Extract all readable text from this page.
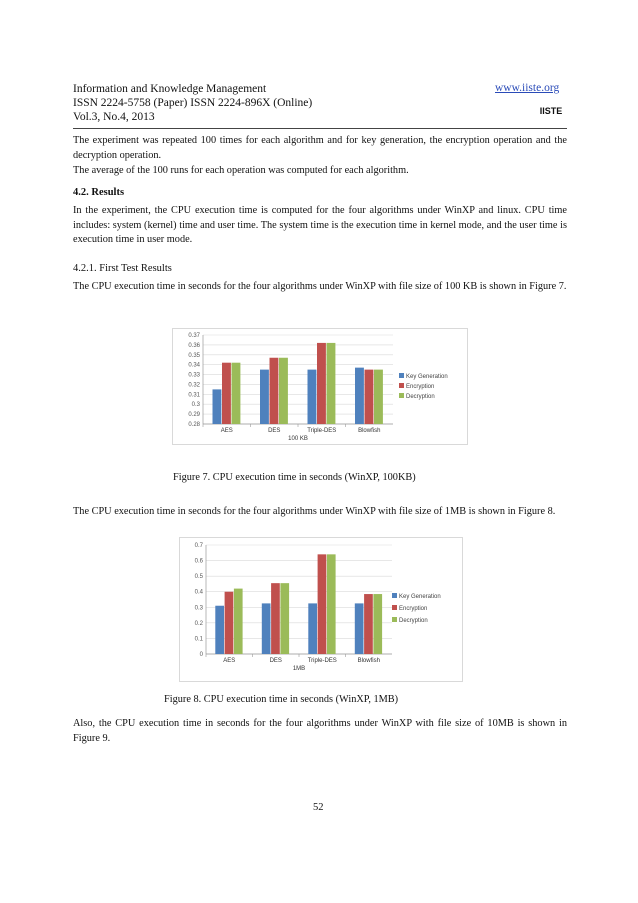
Information and Knowledge Management
ISSN 2224-5758 (Paper) ISSN 2224-896X (Online)
Vol.3, No.4, 2013
www.iiste.org
IISTE
The experiment was repeated 100 times for each algorithm and for key generation, the encryption operation and the decryption operation.
The average of the 100 runs for each operation was computed for each algorithm.
4.2. Results
In the experiment, the CPU execution time is computed for the four algorithms under WinXP and linux. CPU time includes: system (kernel) time and user time. The system time is the execution time in kernel mode, and the user time is execution time in user mode.
4.2.1. First Test Results
The CPU execution time in seconds for the four algorithms under WinXP with file size of 100 KB is shown in Figure 7.
0.28
0.29
0.3
0.31
0.32
0.33
0.34
0.35
0.36
0.37
AES	DES	Triple-DES	Blowfish
100 KB
Key Generation
Encryption
Decryption
Figure 7. CPU execution time in seconds (WinXP, 100KB)
The CPU execution time in seconds for the four algorithms under WinXP with file size of 1MB is shown in Figure 8.
0
0.1
0.2
0.3
0.4
0.5
0.6
0.7
AES	DES	Triple-DES	Blowfish
1MB
Key Generation
Encryption
Decryption
Figure 8. CPU execution time in seconds (WinXP, 1MB)
Also, the CPU execution time in seconds for the four algorithms under WinXP with file size of 10MB is shown in Figure 9.
52
